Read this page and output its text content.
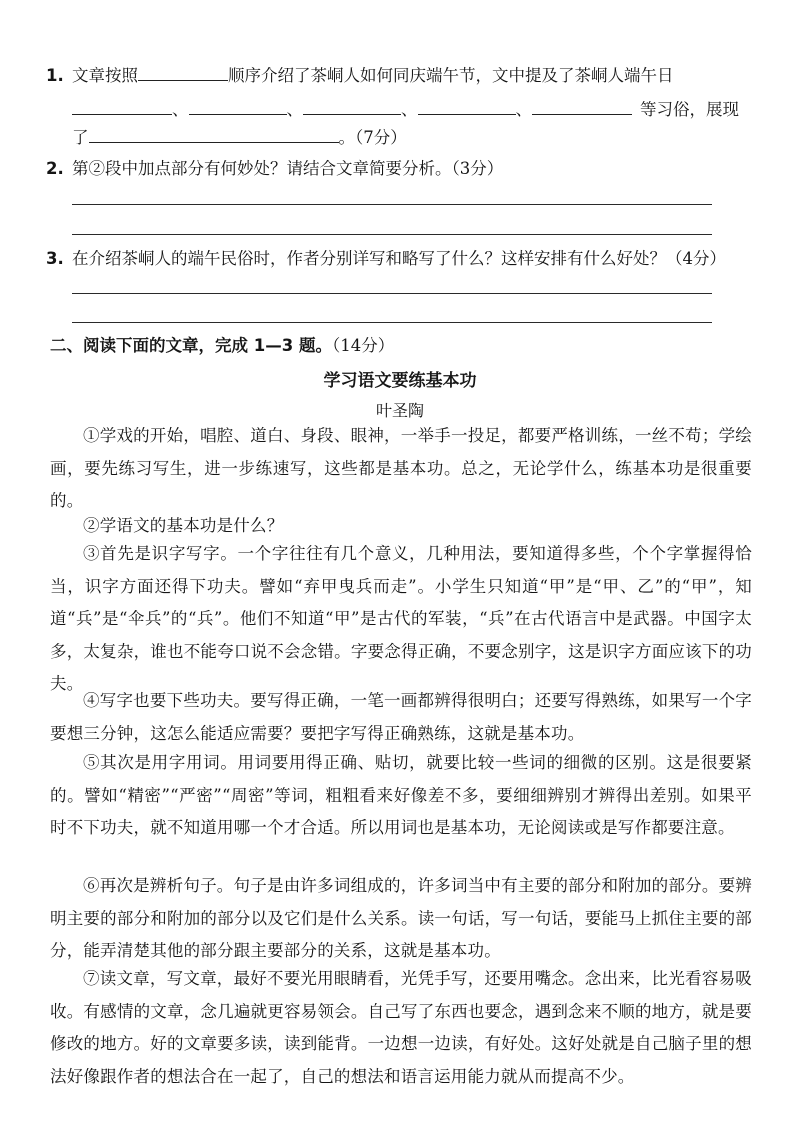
1. 文章按照	顺序介绍了茶峒人如何同庆端午节，文中提及了茶峒人端午日
、	、	、	、	等习俗，展现
了	。（7分）
2. 第②段中加点部分有何妙处？请结合文章简要分析。（3分）
3. 在介绍茶峒人的端午民俗时，作者分别详写和略写了什么？这样安排有什么好处？（4分）
二、阅读下面的文章，完成 1—3 题。（14分）
学习语文要练基本功
叶圣陶
①学戏的开始，唱腔、道白、身段、眼神，一举手一投足，都要严格训练，一丝不苟；学绘画，要先练习写生，进一步练速写，这些都是基本功。总之，无论学什么，练基本功是很重要的。
②学语文的基本功是什么？
③首先是识字写字。一个字往往有几个意义，几种用法，要知道得多些，个个字掌握得恰当，识字方面还得下功夫。譬如“弃甲曳兵而走”。小学生只知道“甲”是“甲、乙”的“甲”，知道“兵”是“伞兵”的“兵”。他们不知道“甲”是古代的军装，“兵”在古代语言中是武器。中国字太多，太复杂，谁也不能夸口说不会念错。字要念得正确，不要念别字，这是识字方面应该下的功夫。
④写字也要下些功夫。要写得正确，一笔一画都辨得很明白；还要写得熟练，如果写一个字要想三分钟，这怎么能适应需要？要把字写得正确熟练，这就是基本功。
⑤其次是用字用词。用词要用得正确、贴切，就要比较一些词的细微的区别。这是很要紧的。譬如“精密”“严密”“周密”等词，粗粗看来好像差不多，要细细辨别才辨得出差别。如果平时不下功夫，就不知道用哪一个才合适。所以用词也是基本功，无论阅读或是写作都要注意。
⑥再次是辨析句子。句子是由许多词组成的，许多词当中有主要的部分和附加的部分。要辨明主要的部分和附加的部分以及它们是什么关系。读一句话，写一句话，要能马上抓住主要的部分，能弄清楚其他的部分跟主要部分的关系，这就是基本功。
⑦读文章，写文章，最好不要光用眼睛看，光凭手写，还要用嘴念。念出来，比光看容易吸收。有感情的文章，念几遍就更容易领会。自己写了东西也要念，遇到念来不顺的地方，就是要修改的地方。好的文章要多读，读到能背。一边想一边读，有好处。这好处就是自己脑子里的想法好像跟作者的想法合在一起了，自己的想法和语言运用能力就从而提高不少。
